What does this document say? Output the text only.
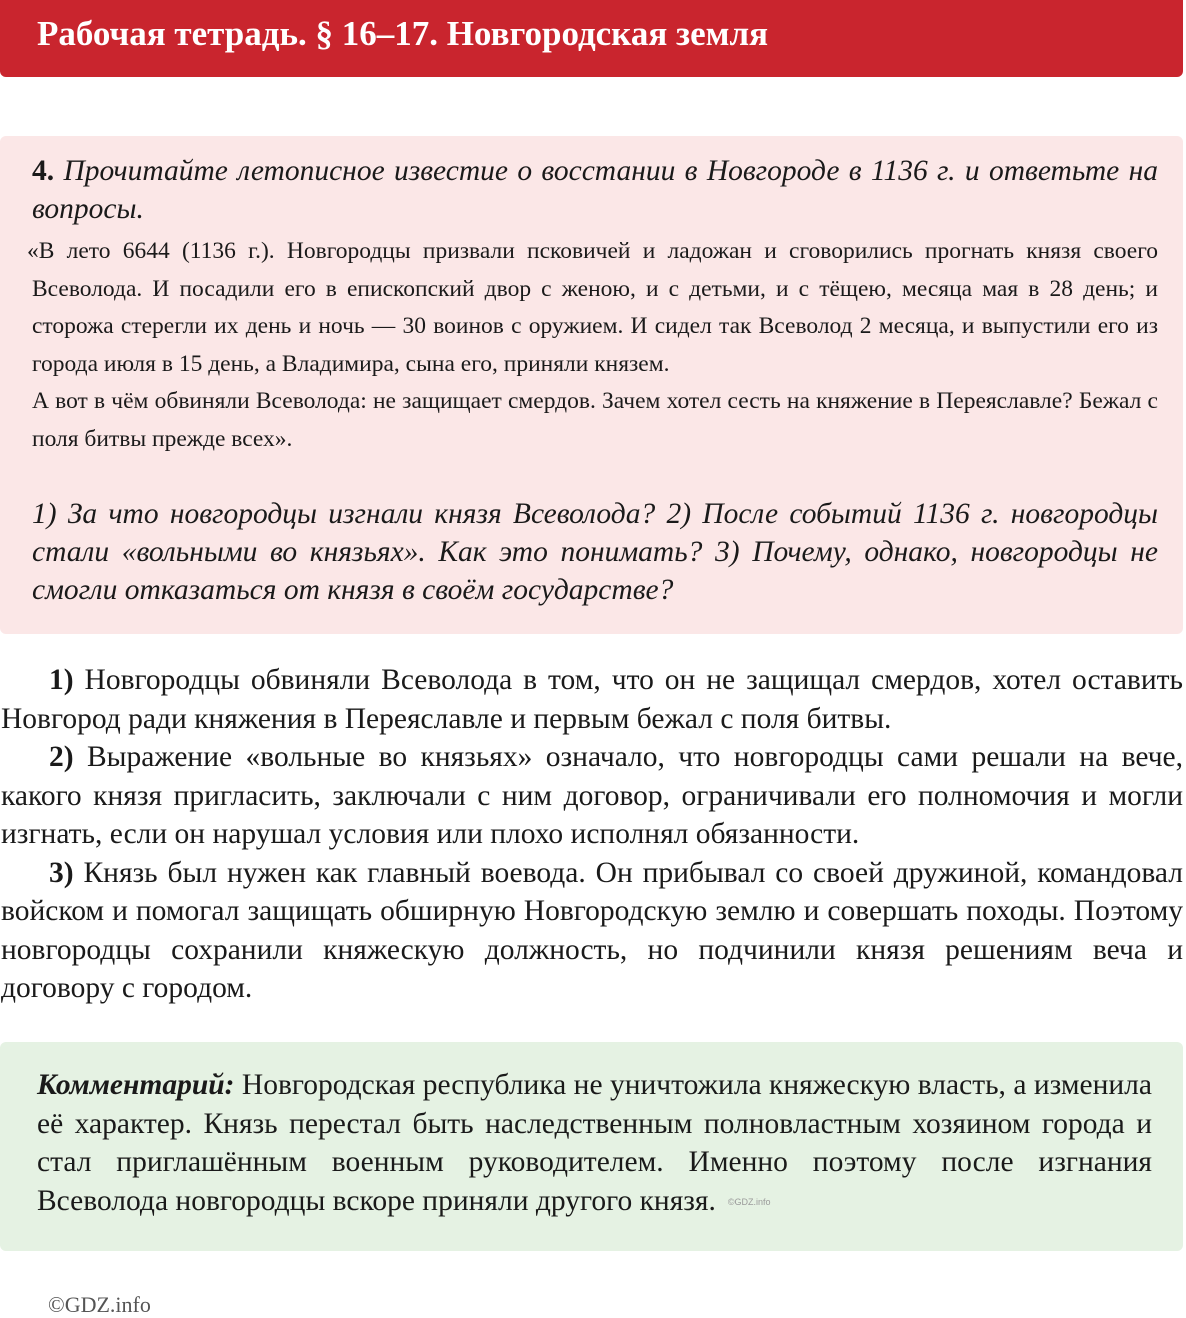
Рабочая тетрадь. § 16–17. Новгородская земля
4. Прочитайте летописное известие о восстании в Новгороде в 1136 г. и ответьте на вопросы.

«В лето 6644 (1136 г.). Новгородцы призвали псковичей и ладожан и сговорились прогнать князя своего Всеволода. И посадили его в епископский двор с женою, и с детьми, и с тёщею, месяца мая в 28 день; и сторожа стерегли их день и ночь — 30 воинов с оружием. И сидел так Всеволод 2 месяца, и выпустили его из города июля в 15 день, а Владимира, сына его, приняли князем.

А вот в чём обвиняли Всеволода: не защищает смердов. Зачем хотел сесть на княжение в Переяславле? Бежал с поля битвы прежде всех».

1) За что новгородцы изгнали князя Всеволода? 2) После событий 1136 г. новгородцы стали «вольными во князьях». Как это понимать? 3) Почему, однако, новгородцы не смогли отказаться от князя в своём государстве?

1) Новгородцы обвиняли Всеволода в том, что он не защищал смердов, хотел оставить Новгород ради княжения в Переяславле и первым бежал с поля битвы.

2) Выражение «вольные во князьях» означало, что новгородцы сами решали на вече, какого князя пригласить, заключали с ним договор, ограничивали его полномочия и могли изгнать, если он нарушал условия или плохо исполнял обязанности.

3) Князь был нужен как главный воевода. Он прибывал со своей дружиной, командовал войском и помогал защищать обширную Новгородскую землю и совершать походы. Поэтому новгородцы сохранили княжескую должность, но подчинили князя решениям веча и договору с городом.

Комментарий: Новгородская республика не уничтожила княжескую власть, а изменила её характер. Князь перестал быть наследственным полновластным хозяином города и стал приглашённым военным руководителем. Именно поэтому после изгнания Всеволода новгородцы вскоре приняли другого князя. ©GDZ.info
©GDZ.info
